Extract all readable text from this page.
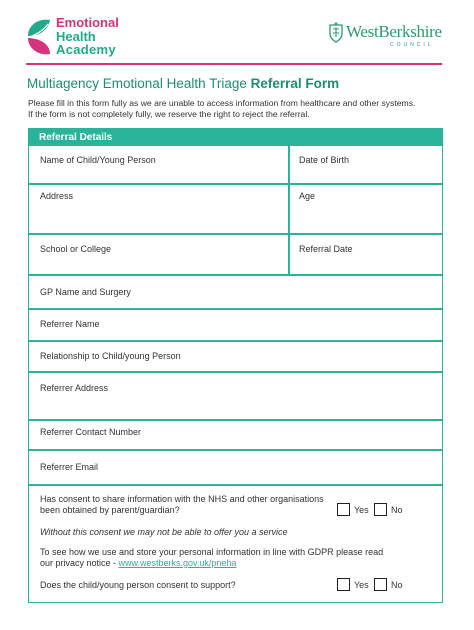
Emotional
Health
Academy
WestBerkshire
COUNCIL
Multiagency Emotional Health Triage Referral Form
Please fill in this form fully as we are unable to access information from healthcare and other systems.
If the form is not completely fully, we reserve the right to reject the referral.
Referral Details
Name of Child/Young Person	Date of Birth
Address	Age
School or College	Referral Date
GP Name and Surgery
Referrer Name
Relationship to Child/young Person
Referrer Address
Referrer Contact Number
Referrer Email
Has consent to share information with the NHS and other organisations
been obtained by parent/guardian?	Yes No
Without this consent we may not be able to offer you a service
To see how we use and store your personal information in line with GDPR please read
our privacy notice - www.westberks.gov.uk/pneha
Does the child/young person consent to support?	Yes No
